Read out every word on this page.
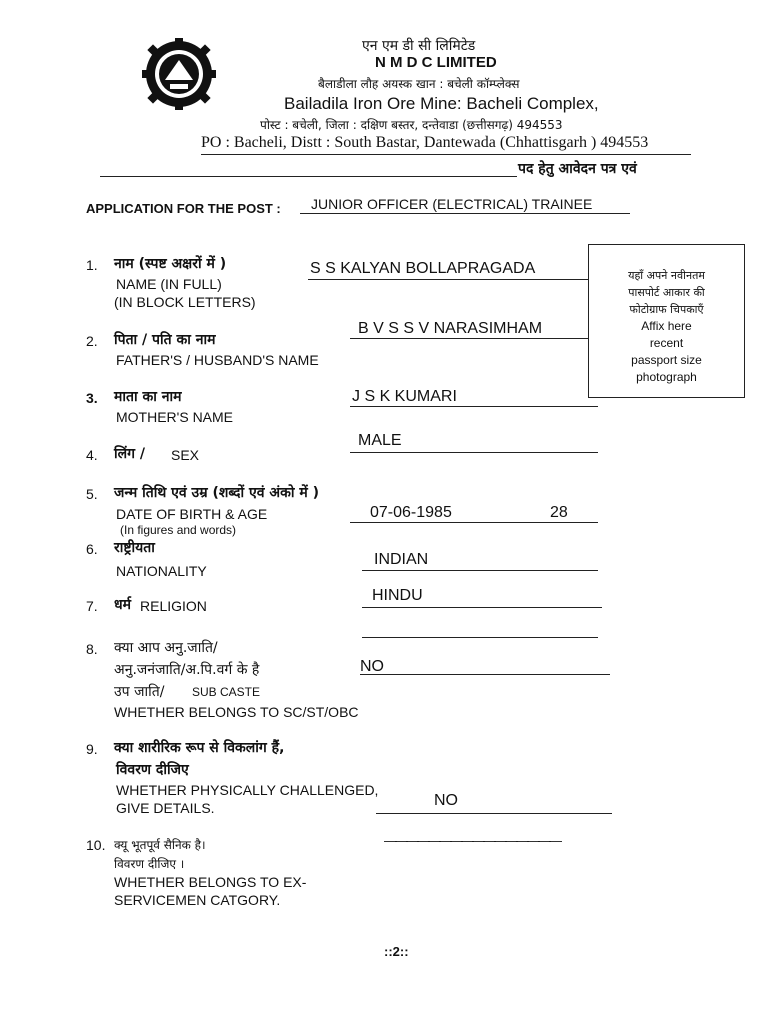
एन एम डी सी लिमिटेड
N M D C LIMITED
बैलाडीला लौह अयस्क खान : बचेली कॉम्प्लेक्स
Bailadila Iron Ore Mine: Bacheli Complex,
पोस्ट : बचेली, जिला : दक्षिण बस्तर, दन्तेवाडा (छत्तीसगढ़) 494553
PO : Bacheli, Distt : South Bastar, Dantewada (Chhattisgarh ) 494553
पद हेतु आवेदन पत्र एवं
APPLICATION FOR THE POST : JUNIOR OFFICER (ELECTRICAL) TRAINEE
यहाँ अपने नवीनतम
पासपोर्ट आकार की
फोटोग्राफ चिपकाएँ
Affix here
recent
passport size
photograph
1. नाम (स्पष्ट अक्षरों में )
NAME (IN FULL)
(IN BLOCK LETTERS)
S S KALYAN BOLLAPRAGADA
2. पिता / पति का नाम
FATHER'S / HUSBAND'S NAME
B V S S V NARASIMHAM
3. माता का नाम
MOTHER'S NAME
J S K KUMARI
4. लिंग / SEX
MALE
5. जन्म तिथि एवं उम्र (शब्दों एवं अंको में )
DATE OF BIRTH & AGE
(In figures and words)
07-06-1985	28
6. राष्ट्रीयता
NATIONALITY
INDIAN
7. धर्म RELIGION
HINDU
8. क्या आप अनु.जाति/
अनु.जनंजाति/अ.पि.वर्ग के है
उप जाति/ SUB CASTE
WHETHER BELONGS TO SC/ST/OBC
NO
9. क्या शारीरिक रूप से विकलांग हैं,
विवरण दीजिए
WHETHER PHYSICALLY CHALLENGED,
GIVE DETAILS.	NO
10. क्यू भूतपूर्व सैनिक है।
विवरण दीजिए ।
WHETHER BELONGS TO EX-
SERVICEMEN CATGORY.
————————————————
::2::
